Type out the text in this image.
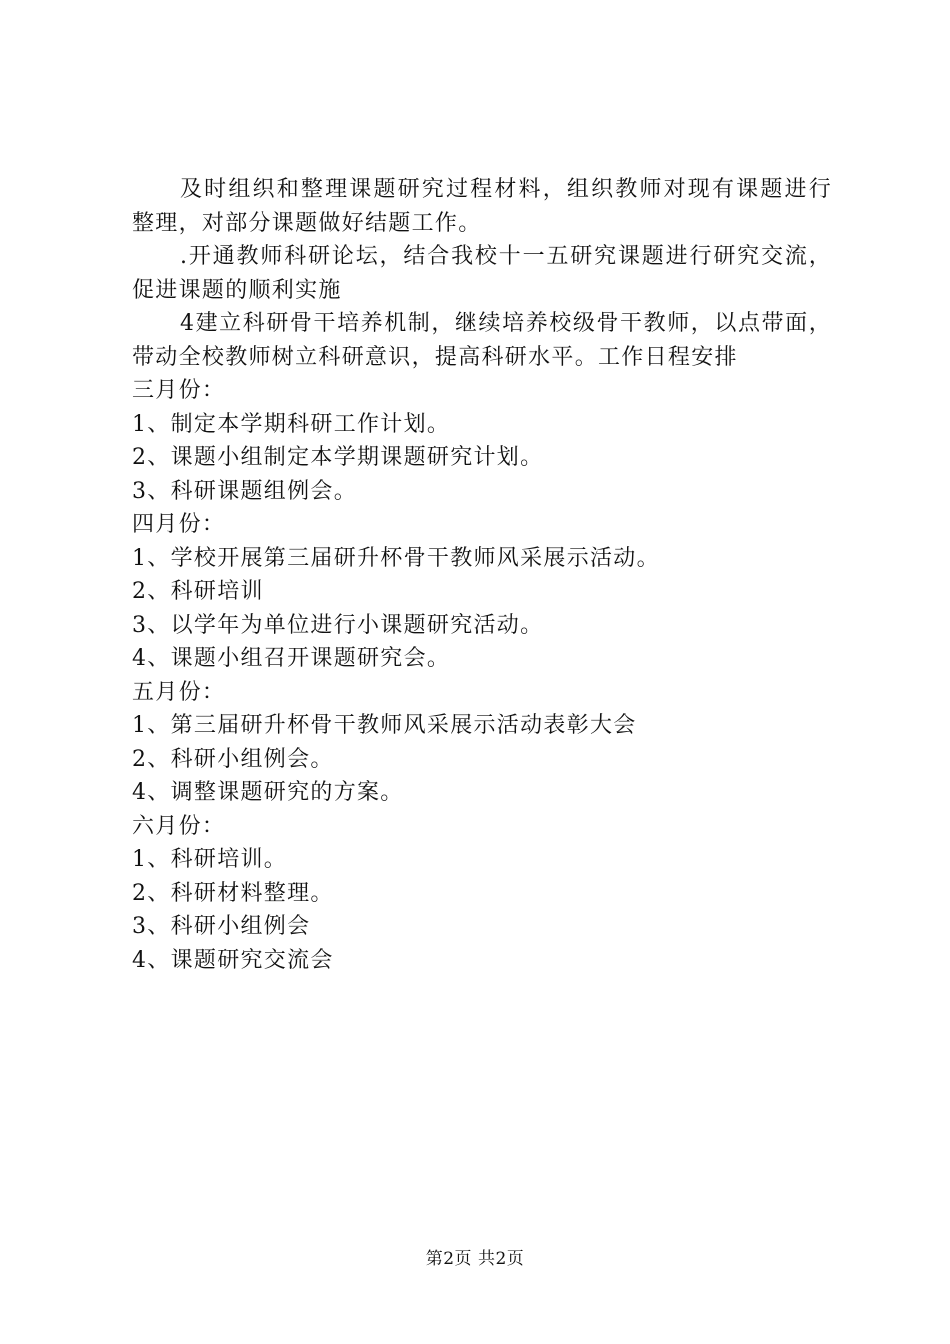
及时组织和整理课题研究过程材料，组织教师对现有课题进行整理，对部分课题做好结题工作。

.开通教师科研论坛，结合我校十一五研究课题进行研究交流，促进课题的顺利实施

4建立科研骨干培养机制，继续培养校级骨干教师，以点带面，带动全校教师树立科研意识，提高科研水平。工作日程安排

三月份：

1、制定本学期科研工作计划。

2、课题小组制定本学期课题研究计划。

3、科研课题组例会。

四月份：

1、学校开展第三届研升杯骨干教师风采展示活动。

2、科研培训

3、以学年为单位进行小课题研究活动。

4、课题小组召开课题研究会。

五月份：

1、第三届研升杯骨干教师风采展示活动表彰大会

2、科研小组例会。

4、调整课题研究的方案。

六月份：

1、科研培训。

2、科研材料整理。

3、科研小组例会

4、课题研究交流会

第2页 共2页
